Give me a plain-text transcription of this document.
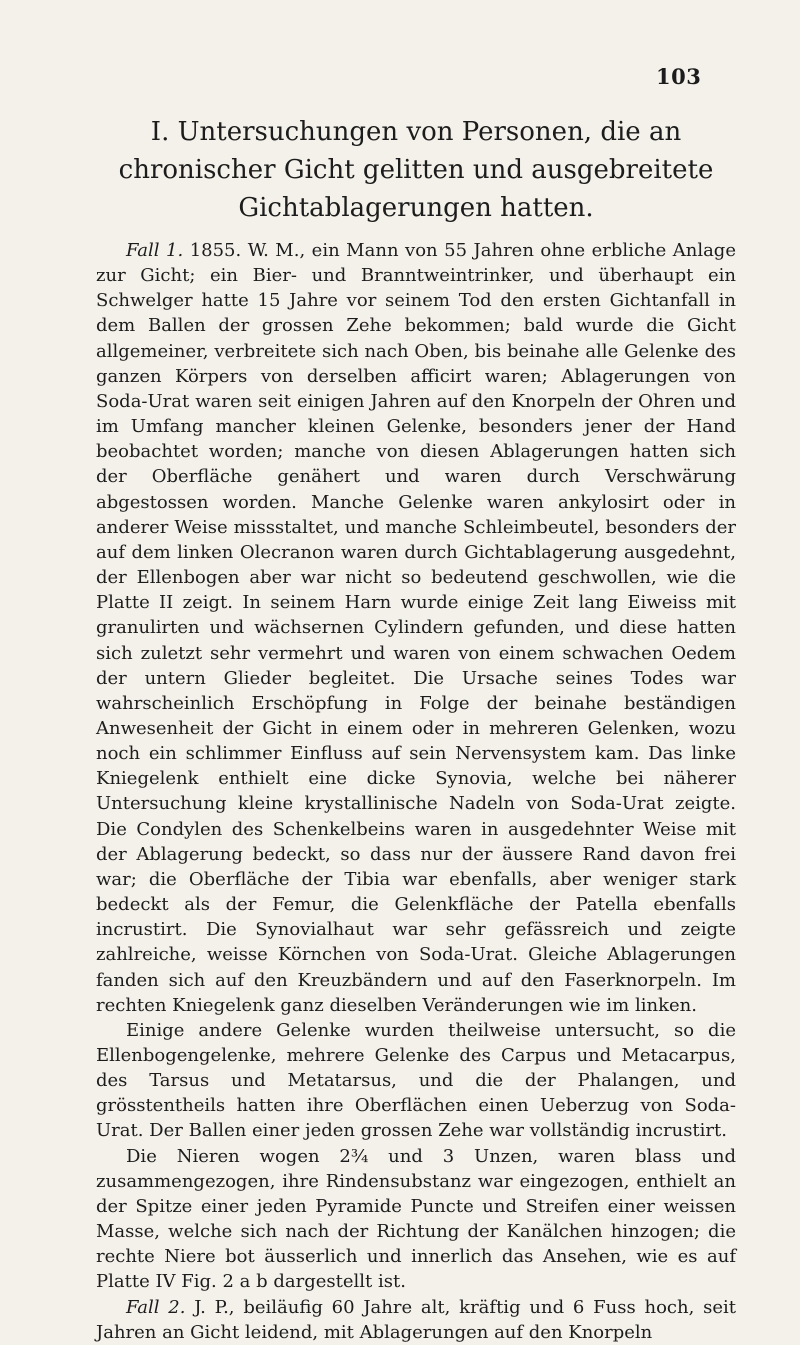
103
I. Untersuchungen von Personen, die an chronischer Gicht gelitten und ausgebreitete Gichtablagerungen hatten.

Fall 1. 1855. W. M., ein Mann von 55 Jahren ohne erbliche Anlage zur Gicht; ein Bier- und Branntweintrinker, und überhaupt ein Schwelger hatte 15 Jahre vor seinem Tod den ersten Gichtanfall in dem Ballen der grossen Zehe bekommen; bald wurde die Gicht allgemeiner, verbreitete sich nach Oben, bis beinahe alle Gelenke des ganzen Körpers von derselben afficirt waren; Ablagerungen von Soda-Urat waren seit einigen Jahren auf den Knorpeln der Ohren und im Umfang mancher kleinen Gelenke, besonders jener der Hand beobachtet worden; manche von diesen Ablagerungen hatten sich der Oberfläche genähert und waren durch Verschwärung abgestossen worden. Manche Gelenke waren ankylosirt oder in anderer Weise missstaltet, und manche Schleimbeutel, besonders der auf dem linken Olecranon waren durch Gichtablagerung ausgedehnt, der Ellenbogen aber war nicht so bedeutend geschwollen, wie die Platte II zeigt. In seinem Harn wurde einige Zeit lang Eiweiss mit granulirten und wächsernen Cylindern gefunden, und diese hatten sich zuletzt sehr vermehrt und waren von einem schwachen Oedem der untern Glieder begleitet. Die Ursache seines Todes war wahrscheinlich Erschöpfung in Folge der beinahe beständigen Anwesenheit der Gicht in einem oder in mehreren Gelenken, wozu noch ein schlimmer Einfluss auf sein Nervensystem kam. Das linke Kniegelenk enthielt eine dicke Synovia, welche bei näherer Untersuchung kleine krystallinische Nadeln von Soda-Urat zeigte. Die Condylen des Schenkelbeins waren in ausgedehnter Weise mit der Ablagerung bedeckt, so dass nur der äussere Rand davon frei war; die Oberfläche der Tibia war ebenfalls, aber weniger stark bedeckt als der Femur, die Gelenkfläche der Patella ebenfalls incrustirt. Die Synovialhaut war sehr gefässreich und zeigte zahlreiche, weisse Körnchen von Soda-Urat. Gleiche Ablagerungen fanden sich auf den Kreuzbändern und auf den Faserknorpeln. Im rechten Kniegelenk ganz dieselben Veränderungen wie im linken.

Einige andere Gelenke wurden theilweise untersucht, so die Ellenbogengelenke, mehrere Gelenke des Carpus und Metacarpus, des Tarsus und Metatarsus, und die der Phalangen, und grösstentheils hatten ihre Oberflächen einen Ueberzug von Soda-Urat. Der Ballen einer jeden grossen Zehe war vollständig incrustirt.

Die Nieren wogen 2¾ und 3 Unzen, waren blass und zusammengezogen, ihre Rindensubstanz war eingezogen, enthielt an der Spitze einer jeden Pyramide Puncte und Streifen einer weissen Masse, welche sich nach der Richtung der Kanälchen hinzogen; die rechte Niere bot äusserlich und innerlich das Ansehen, wie es auf Platte IV Fig. 2 a b dargestellt ist.

Fall 2. J. P., beiläufig 60 Jahre alt, kräftig und 6 Fuss hoch, seit Jahren an Gicht leidend, mit Ablagerungen auf den Knorpeln
